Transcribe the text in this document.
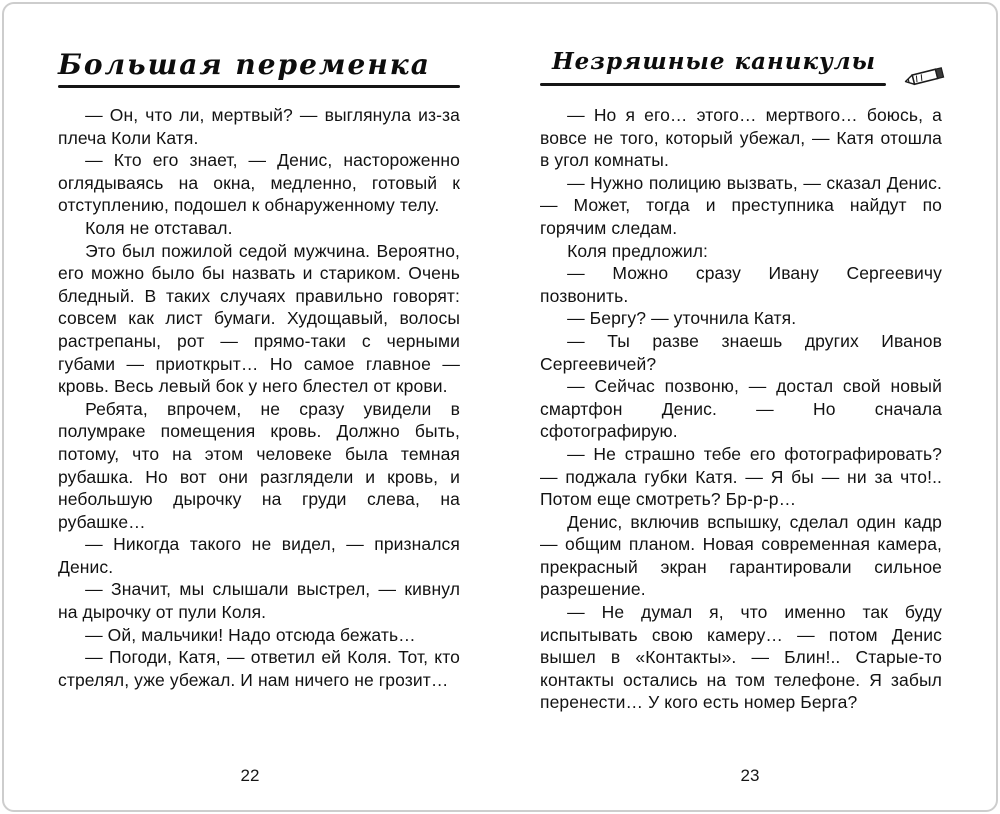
Большая переменка

— Он, что ли, мертвый? — выглянула из-за плеча Коли Катя.

— Кто его знает, — Денис, настороженно оглядываясь на окна, медленно, готовый к отступлению, подошел к обнаруженному телу.

Коля не отставал.

Это был пожилой седой мужчина. Вероятно, его можно было бы назвать и стариком. Очень бледный. В таких случаях правильно говорят: совсем как лист бумаги. Худощавый, волосы растрепаны, рот — прямо-таки с черными губами — приоткрыт… Но самое главное — кровь. Весь левый бок у него блестел от крови.

Ребята, впрочем, не сразу увидели в полумраке помещения кровь. Должно быть, потому, что на этом человеке была темная рубашка. Но вот они разглядели и кровь, и небольшую дырочку на груди слева, на рубашке…

— Никогда такого не видел, — признался Денис.

— Значит, мы слышали выстрел, — кивнул на дырочку от пули Коля.

— Ой, мальчики! Надо отсюда бежать…

— Погоди, Катя, — ответил ей Коля. Тот, кто стрелял, уже убежал. И нам ничего не грозит…

22
Незряшные каникулы

— Но я его… этого… мертвого… боюсь, а вовсе не того, который убежал, — Катя отошла в угол комнаты.

— Нужно полицию вызвать, — сказал Денис. — Может, тогда и преступника найдут по горячим следам.

Коля предложил:

— Можно сразу Ивану Сергеевичу позвонить.

— Бергу? — уточнила Катя.

— Ты разве знаешь других Иванов Сергеевичей?

— Сейчас позвоню, — достал свой новый смартфон Денис. — Но сначала сфотографирую.

— Не страшно тебе его фотографировать? — поджала губки Катя. — Я бы — ни за что!.. Потом еще смотреть? Бр-р-р…

Денис, включив вспышку, сделал один кадр — общим планом. Новая современная камера, прекрасный экран гарантировали сильное разрешение.

— Не думал я, что именно так буду испытывать свою камеру… — потом Денис вышел в «Контакты». — Блин!.. Старые-то контакты остались на том телефоне. Я забыл перенести… У кого есть номер Берга?

23
